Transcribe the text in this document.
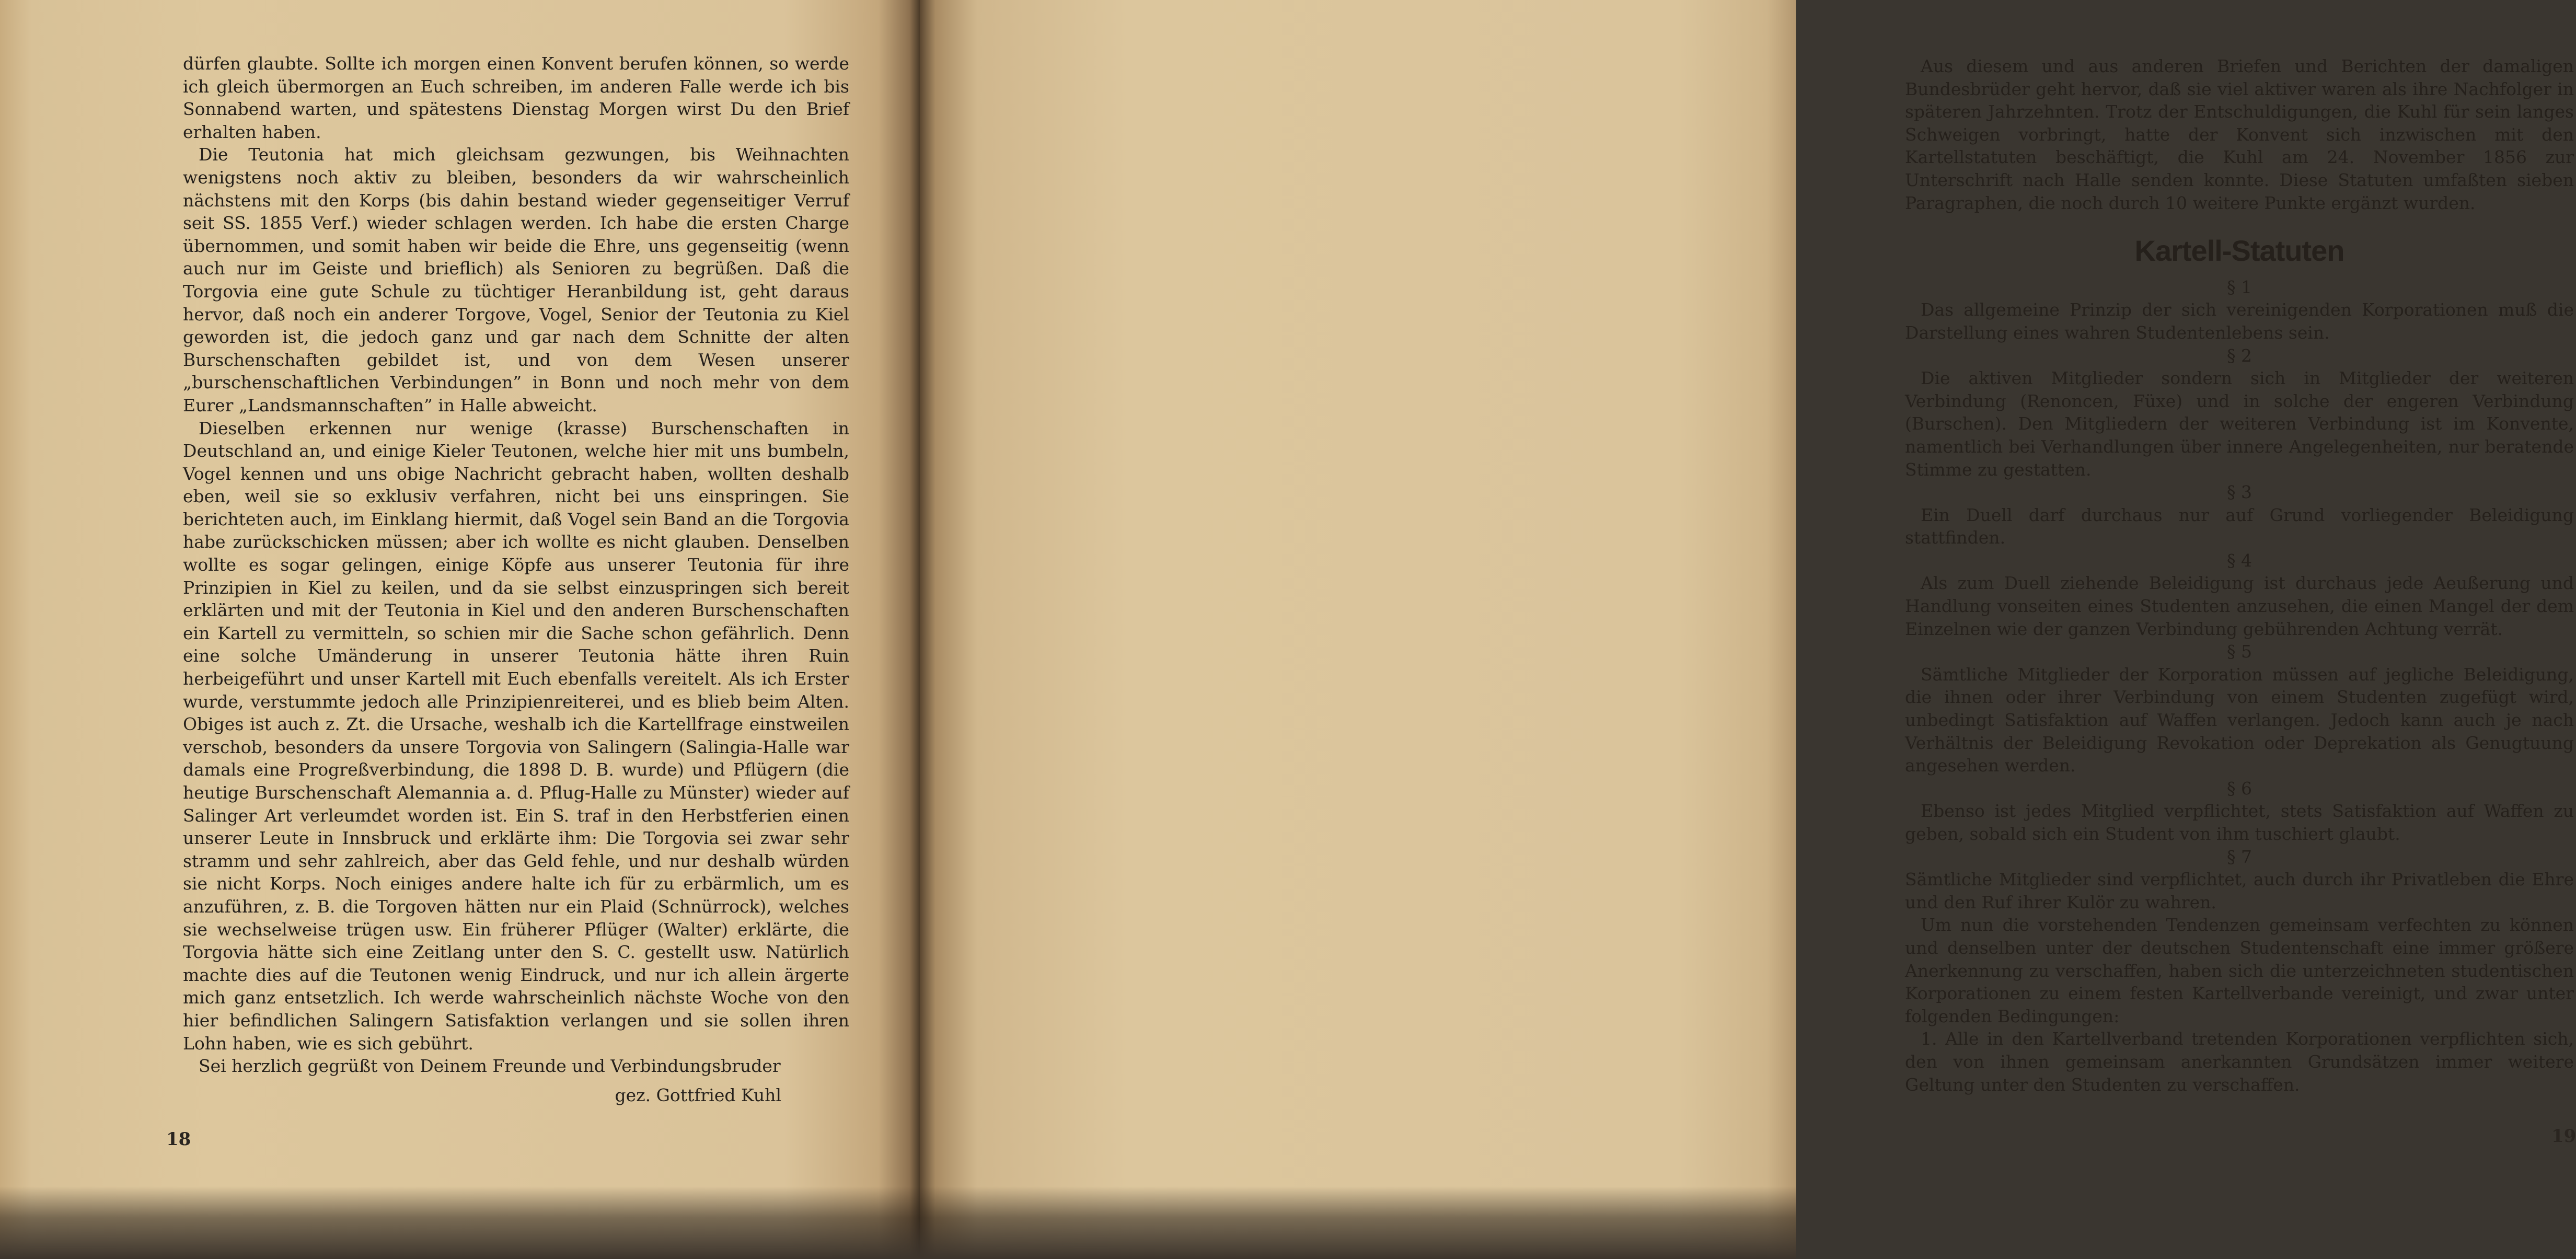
dürfen glaubte. Sollte ich morgen einen Konvent berufen können, so werde ich gleich übermorgen an Euch schreiben, im anderen Falle werde ich bis Sonnabend warten, und spätestens Dienstag Morgen wirst Du den Brief erhalten haben.

Die Teutonia hat mich gleichsam gezwungen, bis Weihnachten wenigstens noch aktiv zu bleiben, besonders da wir wahrscheinlich nächstens mit den Korps (bis dahin bestand wieder gegenseitiger Verruf seit SS. 1855 Verf.) wieder schlagen werden. Ich habe die ersten Charge übernommen, und somit haben wir beide die Ehre, uns gegenseitig (wenn auch nur im Geiste und brieflich) als Senioren zu begrüßen. Daß die Torgovia eine gute Schule zu tüchtiger Heranbildung ist, geht daraus hervor, daß noch ein anderer Torgove, Vogel, Senior der Teutonia zu Kiel geworden ist, die jedoch ganz und gar nach dem Schnitte der alten Burschenschaften gebildet ist, und von dem Wesen unserer „burschenschaftlichen Verbindungen” in Bonn und noch mehr von dem Eurer „Landsmannschaften” in Halle abweicht.

Dieselben erkennen nur wenige (krasse) Burschenschaften in Deutschland an, und einige Kieler Teutonen, welche hier mit uns bumbeln, Vogel kennen und uns obige Nachricht gebracht haben, wollten deshalb eben, weil sie so exklusiv verfahren, nicht bei uns einspringen. Sie berichteten auch, im Einklang hiermit, daß Vogel sein Band an die Torgovia habe zurückschicken müssen; aber ich wollte es nicht glauben. Denselben wollte es sogar gelingen, einige Köpfe aus unserer Teutonia für ihre Prinzipien in Kiel zu keilen, und da sie selbst einzuspringen sich bereit erklärten und mit der Teutonia in Kiel und den anderen Burschenschaften ein Kartell zu vermitteln, so schien mir die Sache schon gefährlich. Denn eine solche Umänderung in unserer Teutonia hätte ihren Ruin herbeigeführt und unser Kartell mit Euch ebenfalls vereitelt. Als ich Erster wurde, verstummte jedoch alle Prinzipienreiterei, und es blieb beim Alten. Obiges ist auch z. Zt. die Ursache, weshalb ich die Kartellfrage einstweilen verschob, besonders da unsere Torgovia von Salingern (Salingia-Halle war damals eine Progreßverbindung, die 1898 D. B. wurde) und Pflügern (die heutige Burschenschaft Alemannia a. d. Pflug-Halle zu Münster) wieder auf Salinger Art verleumdet worden ist. Ein S. traf in den Herbstferien einen unserer Leute in Innsbruck und erklärte ihm: Die Torgovia sei zwar sehr stramm und sehr zahlreich, aber das Geld fehle, und nur deshalb würden sie nicht Korps. Noch einiges andere halte ich für zu erbärmlich, um es anzuführen, z. B. die Torgoven hätten nur ein Plaid (Schnürrock), welches sie wechselweise trügen usw. Ein früherer Pflüger (Walter) erklärte, die Torgovia hätte sich eine Zeitlang unter den S. C. gestellt usw. Natürlich machte dies auf die Teutonen wenig Eindruck, und nur ich allein ärgerte mich ganz entsetzlich. Ich werde wahrscheinlich nächste Woche von den hier befindlichen Salingern Satisfaktion verlangen und sie sollen ihren Lohn haben, wie es sich gebührt.

Sei herzlich gegrüßt von Deinem Freunde und Verbindungsbruder

gez. Gottfried Kuhl

18

Aus diesem und aus anderen Briefen und Berichten der damaligen Bundesbrüder geht hervor, daß sie viel aktiver waren als ihre Nachfolger in späteren Jahrzehnten. Trotz der Entschuldigungen, die Kuhl für sein langes Schweigen vorbringt, hatte der Konvent sich inzwischen mit den Kartellstatuten beschäftigt, die Kuhl am 24. November 1856 zur Unterschrift nach Halle senden konnte. Diese Statuten umfaßten sieben Paragraphen, die noch durch 10 weitere Punkte ergänzt wurden.

Kartell-Statuten

§ 1

Das allgemeine Prinzip der sich vereinigenden Korporationen muß die Darstellung eines wahren Studentenlebens sein.

§ 2

Die aktiven Mitglieder sondern sich in Mitglieder der weiteren Verbindung (Renoncen, Füxe) und in solche der engeren Verbindung (Burschen). Den Mitgliedern der weiteren Verbindung ist im Konvente, namentlich bei Verhandlungen über innere Angelegenheiten, nur beratende Stimme zu gestatten.

§ 3

Ein Duell darf durchaus nur auf Grund vorliegender Beleidigung stattfinden.

§ 4

Als zum Duell ziehende Beleidigung ist durchaus jede Aeußerung und Handlung vonseiten eines Studenten anzusehen, die einen Mangel der dem Einzelnen wie der ganzen Verbindung gebührenden Achtung verrät.

§ 5

Sämtliche Mitglieder der Korporation müssen auf jegliche Beleidigung, die ihnen oder ihrer Verbindung von einem Studenten zugefügt wird, unbedingt Satisfaktion auf Waffen verlangen. Jedoch kann auch je nach Verhältnis der Beleidigung Revokation oder Deprekation als Genugtuung angesehen werden.

§ 6

Ebenso ist jedes Mitglied verpflichtet, stets Satisfaktion auf Waffen zu geben, sobald sich ein Student von ihm tuschiert glaubt.

§ 7

Sämtliche Mitglieder sind verpflichtet, auch durch ihr Privatleben die Ehre und den Ruf ihrer Kulör zu wahren.

Um nun die vorstehenden Tendenzen gemeinsam verfechten zu können und denselben unter der deutschen Studentenschaft eine immer größere Anerkennung zu verschaffen, haben sich die unterzeichneten studentischen Korporationen zu einem festen Kartellverbande vereinigt, und zwar unter folgenden Bedingungen:

1. Alle in den Kartellverband tretenden Korporationen verpflichten sich, den von ihnen gemeinsam anerkannten Grundsätzen immer weitere Geltung unter den Studenten zu verschaffen.

19
